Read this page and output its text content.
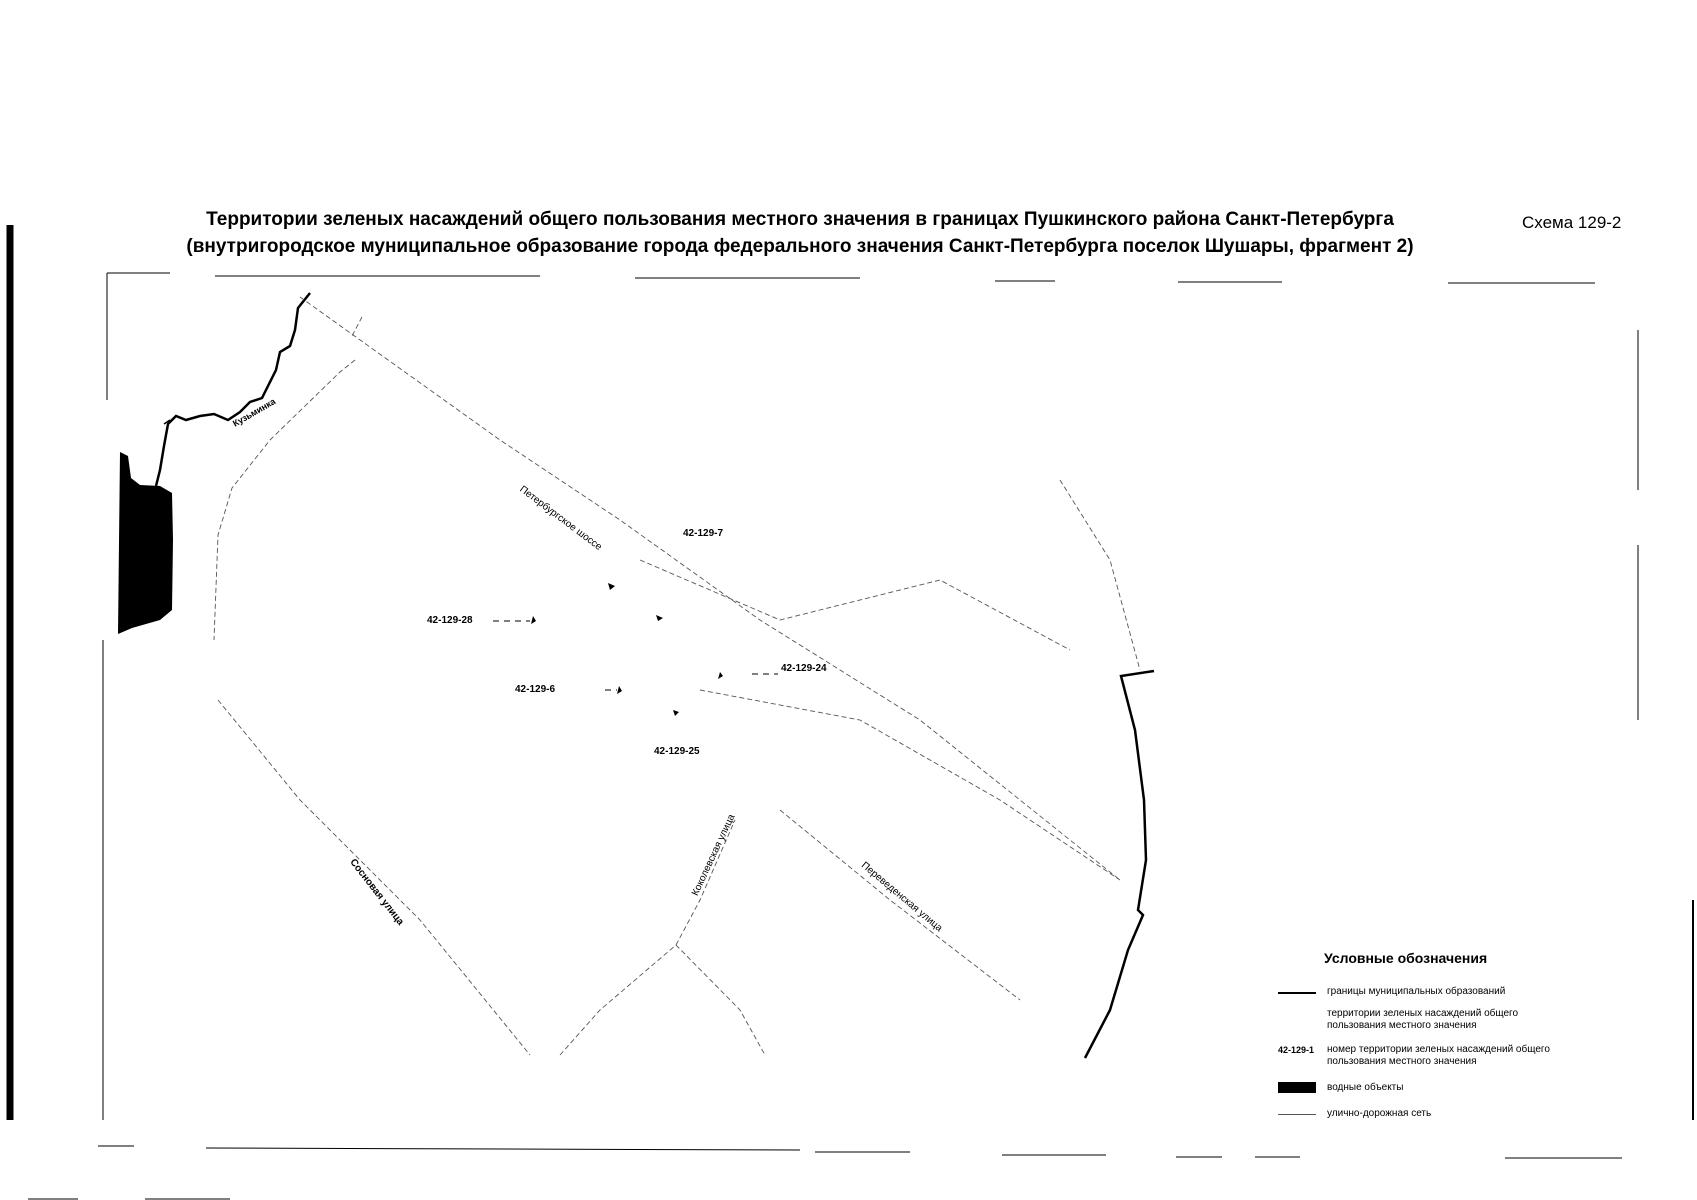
Территории зеленых насаждений общего пользования местного значения в границах Пушкинского района Санкт-Петербурга
(внутригородское муниципальное образование города федерального значения Санкт-Петербурга поселок Шушары, фрагмент 2)
Схема 129-2
42-129-7
42-129-28
42-129-6
42-129-24
42-129-25
Петербургское шоссе
Коколевская улица	Переведенская улица
Сосновая улица
Кузьминка
Условные обозначения
границы муниципальных образований
территории зеленых насаждений общего пользования местного значения
42-129-1 номер территории зеленых насаждений общего пользования местного значения
водные объекты
улично-дорожная сеть
